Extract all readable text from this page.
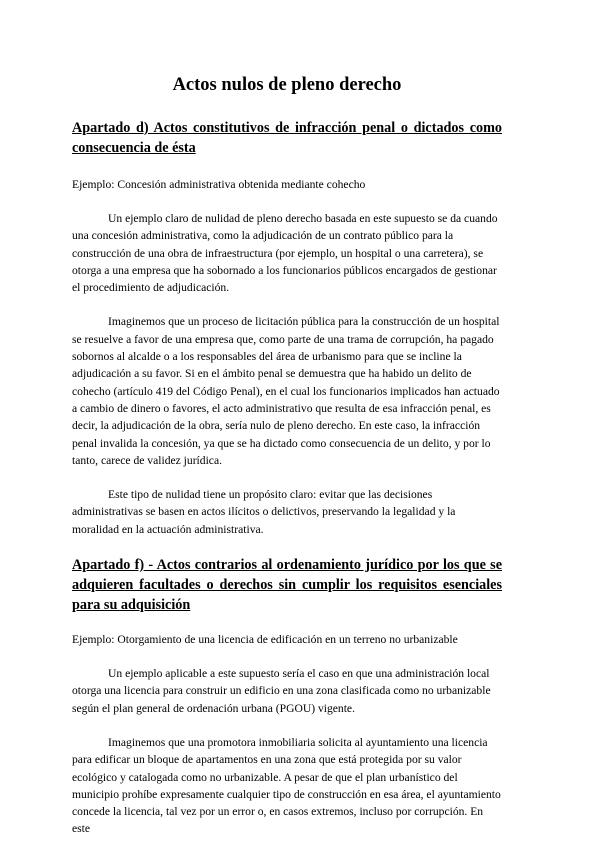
Actos nulos de pleno derecho
Apartado d) Actos constitutivos de infracción penal o dictados como consecuencia de ésta

Ejemplo: Concesión administrativa obtenida mediante cohecho

Un ejemplo claro de nulidad de pleno derecho basada en este supuesto se da cuando una concesión administrativa, como la adjudicación de un contrato público para la construcción de una obra de infraestructura (por ejemplo, un hospital o una carretera), se otorga a una empresa que ha sobornado a los funcionarios públicos encargados de gestionar el procedimiento de adjudicación.

Imaginemos que un proceso de licitación pública para la construcción de un hospital se resuelve a favor de una empresa que, como parte de una trama de corrupción, ha pagado sobornos al alcalde o a los responsables del área de urbanismo para que se incline la adjudicación a su favor. Si en el ámbito penal se demuestra que ha habido un delito de cohecho (artículo 419 del Código Penal), en el cual los funcionarios implicados han actuado a cambio de dinero o favores, el acto administrativo que resulta de esa infracción penal, es decir, la adjudicación de la obra, sería nulo de pleno derecho. En este caso, la infracción penal invalida la concesión, ya que se ha dictado como consecuencia de un delito, y por lo tanto, carece de validez jurídica.

Este tipo de nulidad tiene un propósito claro: evitar que las decisiones administrativas se basen en actos ilícitos o delictivos, preservando la legalidad y la moralidad en la actuación administrativa.

Apartado f) - Actos contrarios al ordenamiento jurídico por los que se adquieren facultades o derechos sin cumplir los requisitos esenciales para su adquisición

Ejemplo: Otorgamiento de una licencia de edificación en un terreno no urbanizable

Un ejemplo aplicable a este supuesto sería el caso en que una administración local otorga una licencia para construir un edificio en una zona clasificada como no urbanizable según el plan general de ordenación urbana (PGOU) vigente.

Imaginemos que una promotora inmobiliaria solicita al ayuntamiento una licencia para edificar un bloque de apartamentos en una zona que está protegida por su valor ecológico y catalogada como no urbanizable. A pesar de que el plan urbanístico del municipio prohíbe expresamente cualquier tipo de construcción en esa área, el ayuntamiento concede la licencia, tal vez por un error o, en casos extremos, incluso por corrupción. En este
